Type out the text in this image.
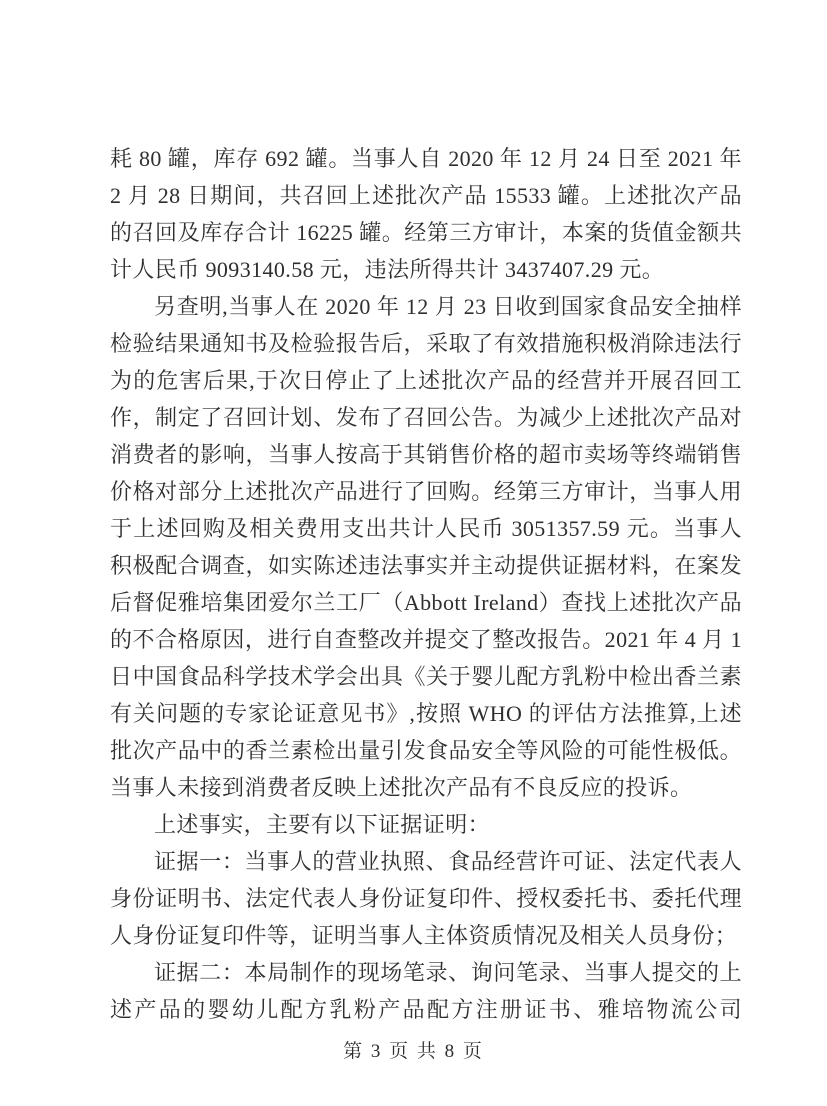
耗 80 罐，库存 692 罐。当事人自 2020 年 12 月 24 日至 2021 年 2 月 28 日期间，共召回上述批次产品 15533 罐。上述批次产品的召回及库存合计 16225 罐。经第三方审计，本案的货值金额共计人民币 9093140.58 元，违法所得共计 3437407.29 元。

另查明,当事人在 2020 年 12 月 23 日收到国家食品安全抽样检验结果通知书及检验报告后，采取了有效措施积极消除违法行为的危害后果,于次日停止了上述批次产品的经营并开展召回工作，制定了召回计划、发布了召回公告。为减少上述批次产品对消费者的影响，当事人按高于其销售价格的超市卖场等终端销售价格对部分上述批次产品进行了回购。经第三方审计，当事人用于上述回购及相关费用支出共计人民币 3051357.59 元。当事人积极配合调查，如实陈述违法事实并主动提供证据材料，在案发后督促雅培集团爱尔兰工厂（Abbott Ireland）查找上述批次产品的不合格原因，进行自查整改并提交了整改报告。2021 年 4 月 1 日中国食品科学技术学会出具《关于婴儿配方乳粉中检出香兰素有关问题的专家论证意见书》,按照 WHO 的评估方法推算,上述批次产品中的香兰素检出量引发食品安全等风险的可能性极低。当事人未接到消费者反映上述批次产品有不良反应的投诉。

上述事实，主要有以下证据证明：

证据一：当事人的营业执照、食品经营许可证、法定代表人身份证明书、法定代表人身份证复印件、授权委托书、委托代理人身份证复印件等，证明当事人主体资质情况及相关人员身份；

证据二：本局制作的现场笔录、询问笔录、当事人提交的上述产品的婴幼儿配方乳粉产品配方注册证书、雅培物流公司

第 3 页 共 8 页
